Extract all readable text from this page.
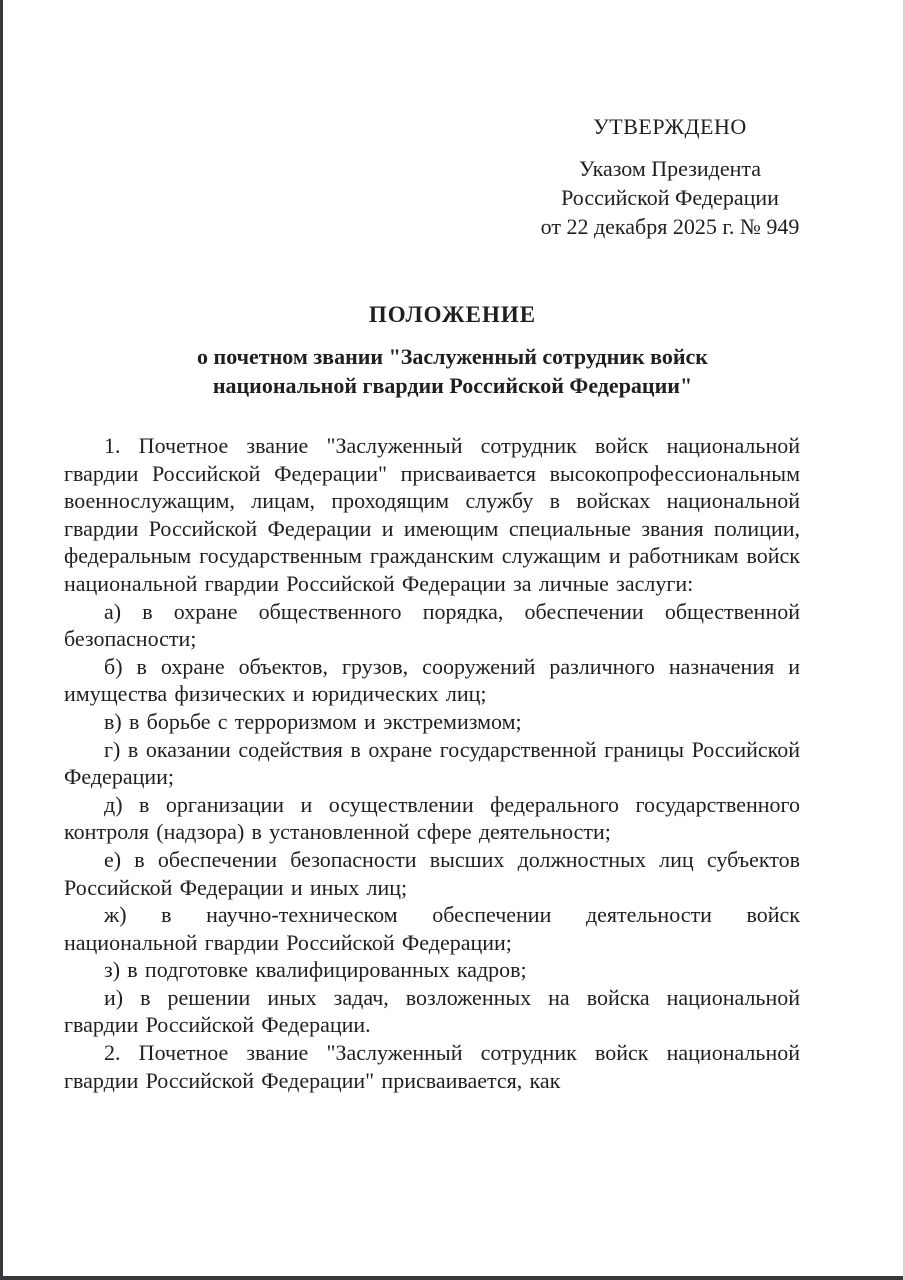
УТВЕРЖДЕНО
Указом Президента
Российской Федерации
от 22 декабря 2025 г. № 949
ПОЛОЖЕНИЕ

о почетном звании "Заслуженный сотрудник войск
национальной гвардии Российской Федерации"

1. Почетное звание "Заслуженный сотрудник войск национальной гвардии Российской Федерации" присваивается высокопрофессиональным военнослужащим, лицам, проходящим службу в войсках национальной гвардии Российской Федерации и имеющим специальные звания полиции, федеральным государственным гражданским служащим и работникам войск национальной гвардии Российской Федерации за личные заслуги:

а) в охране общественного порядка, обеспечении общественной безопасности;

б) в охране объектов, грузов, сооружений различного назначения и имущества физических и юридических лиц;

в) в борьбе с терроризмом и экстремизмом;

г) в оказании содействия в охране государственной границы Российской Федерации;

д) в организации и осуществлении федерального государственного контроля (надзора) в установленной сфере деятельности;

е) в обеспечении безопасности высших должностных лиц субъектов Российской Федерации и иных лиц;

ж) в научно-техническом обеспечении деятельности войск национальной гвардии Российской Федерации;

з) в подготовке квалифицированных кадров;

и) в решении иных задач, возложенных на войска национальной гвардии Российской Федерации.

2. Почетное звание "Заслуженный сотрудник войск национальной гвардии Российской Федерации" присваивается, как
